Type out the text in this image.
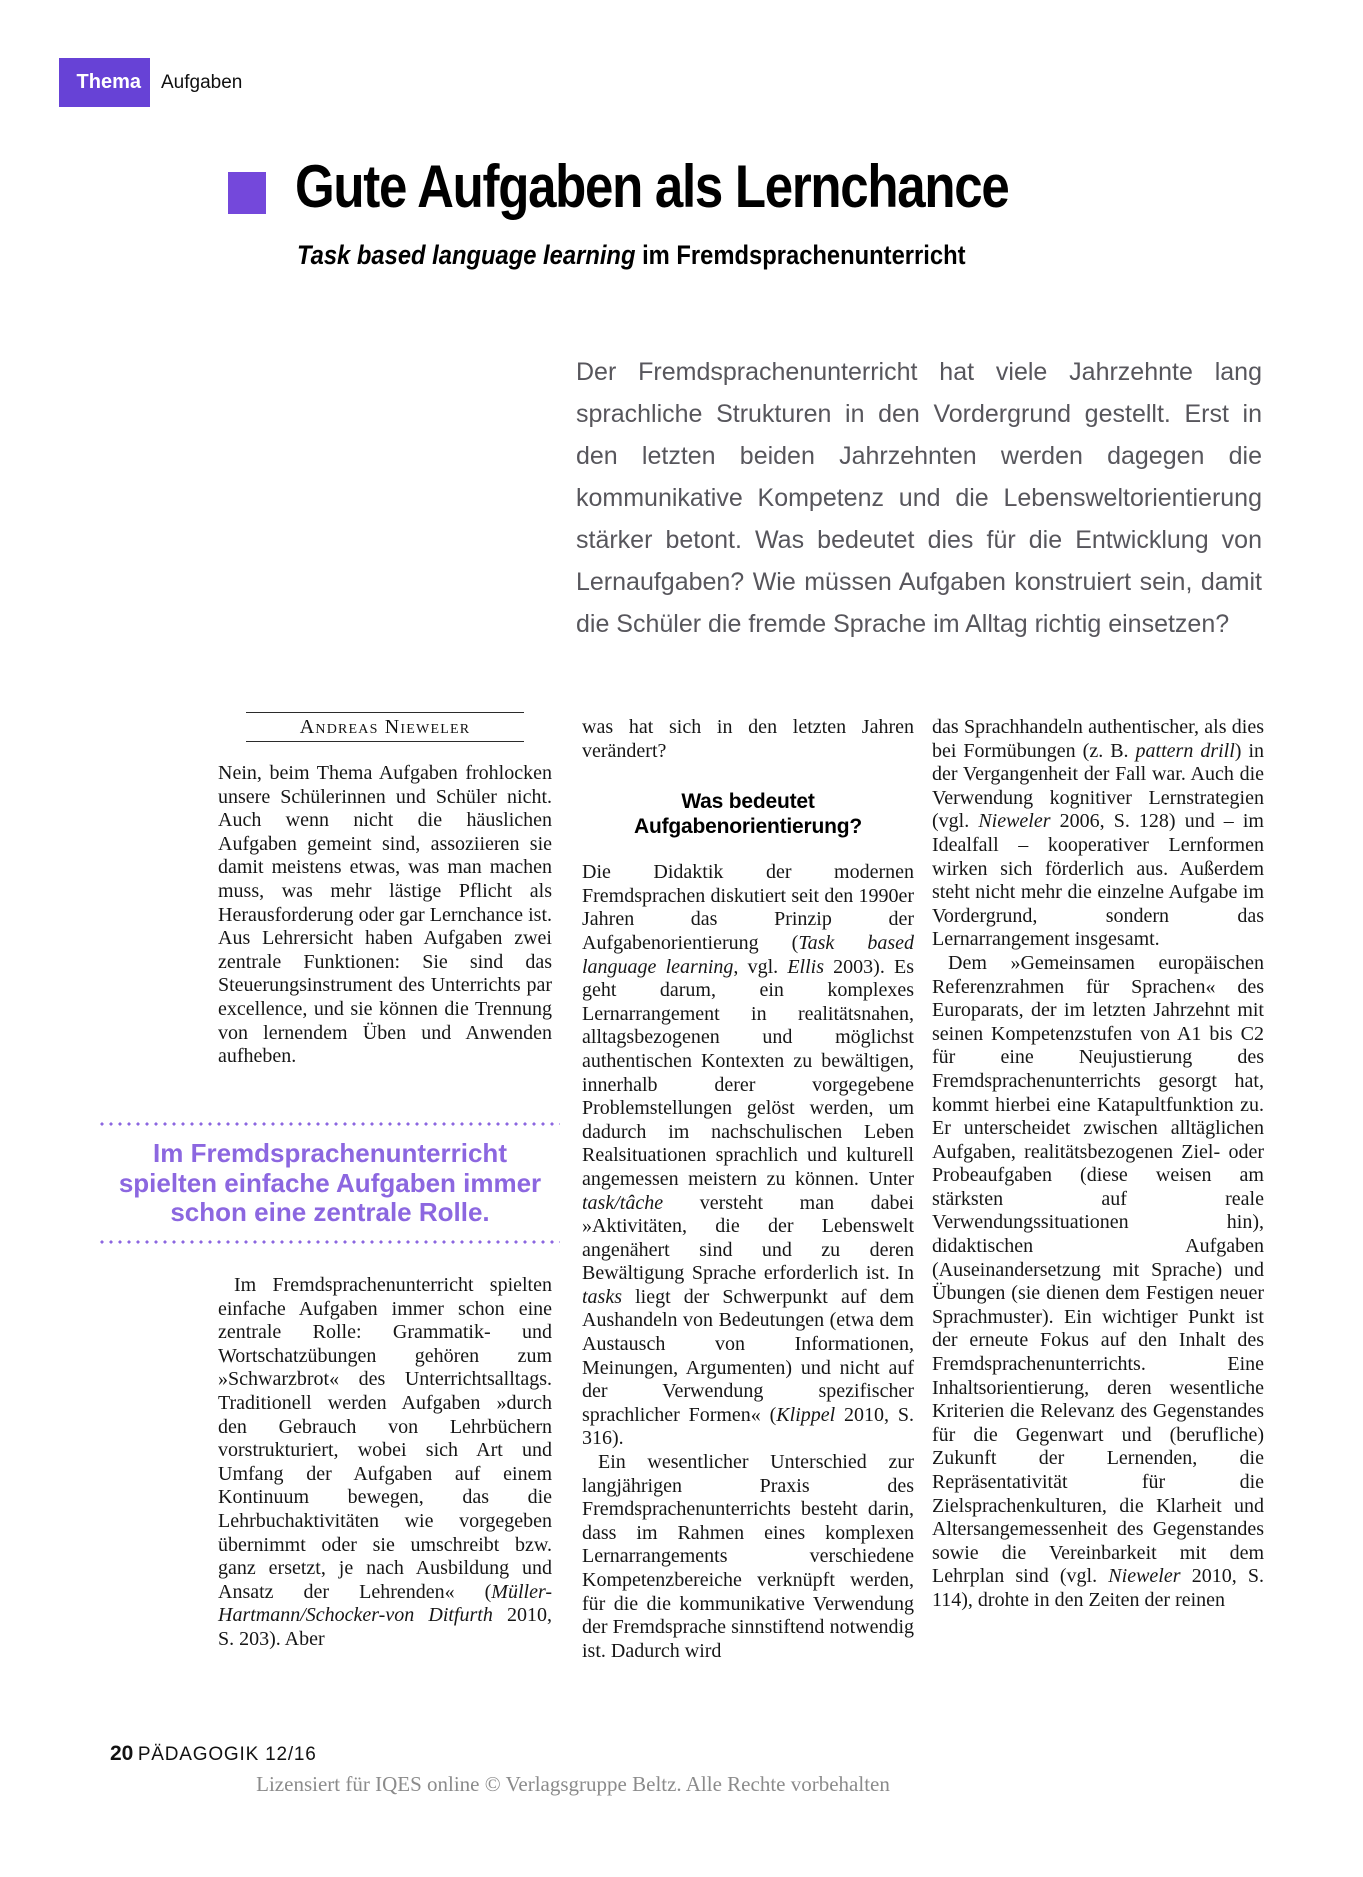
Thema	Aufgaben
Gute Aufgaben als Lernchance
Task based language learning im Fremdsprachenunterricht

Der Fremdsprachenunterricht hat viele Jahrzehnte lang sprachliche Strukturen in den Vordergrund gestellt. Erst in den letzten beiden Jahrzehnten werden dagegen die kommunikative Kompetenz und die Lebensweltorientierung stärker betont. Was bedeutet dies für die Entwicklung von Lernaufgaben? Wie müssen Aufgaben konstruiert sein, damit die Schüler die fremde Sprache im Alltag richtig einsetzen?

Andreas Nieweler

Nein, beim Thema Aufgaben frohlocken unsere Schülerinnen und Schüler nicht. Auch wenn nicht die häuslichen Aufgaben gemeint sind, assoziieren sie damit meistens etwas, was man machen muss, was mehr lästige Pflicht als Herausforderung oder gar Lernchance ist. Aus Lehrersicht haben Aufgaben zwei zentrale Funktionen: Sie sind das Steuerungsinstrument des Unterrichts par excellence, und sie können die Trennung von lernendem Üben und Anwenden aufheben.

Im Fremdsprachenunterricht
spielten einfache Aufgaben immer
schon eine zentrale Rolle.

Im Fremdsprachenunterricht spielten einfache Aufgaben immer schon eine zentrale Rolle: Grammatik- und Wortschatzübungen gehören zum »Schwarzbrot« des Unterrichtsalltags. Traditionell werden Aufgaben »durch den Gebrauch von Lehrbüchern vorstrukturiert, wobei sich Art und Umfang der Aufgaben auf einem Kontinuum bewegen, das die Lehrbuchaktivitäten wie vorgegeben übernimmt oder sie umschreibt bzw. ganz ersetzt, je nach Ausbildung und Ansatz der Lehrenden« (Müller-Hartmann/Schocker-von Ditfurth 2010, S. 203). Aber

was hat sich in den letzten Jahren verändert?

Was bedeutet Aufgabenorientierung?

Die Didaktik der modernen Fremdsprachen diskutiert seit den 1990er Jahren das Prinzip der Aufgabenorientierung (Task based language learning, vgl. Ellis 2003). Es geht darum, ein komplexes Lernarrangement in realitätsnahen, alltagsbezogenen und möglichst authentischen Kontexten zu bewältigen, innerhalb derer vorgegebene Problemstellungen gelöst werden, um dadurch im nachschulischen Leben Realsituationen sprachlich und kulturell angemessen meistern zu können. Unter task/tâche versteht man dabei »Aktivitäten, die der Lebenswelt angenähert sind und zu deren Bewältigung Sprache erforderlich ist. In tasks liegt der Schwerpunkt auf dem Aushandeln von Bedeutungen (etwa dem Austausch von Informationen, Meinungen, Argumenten) und nicht auf der Verwendung spezifischer sprachlicher Formen« (Klippel 2010, S. 316).

Ein wesentlicher Unterschied zur langjährigen Praxis des Fremdsprachenunterrichts besteht darin, dass im Rahmen eines komplexen Lernarrangements verschiedene Kompetenzbereiche verknüpft werden, für die die kommunikative Verwendung der Fremdsprache sinnstiftend notwendig ist. Dadurch wird

das Sprachhandeln authentischer, als dies bei Formübungen (z. B. pattern drill) in der Vergangenheit der Fall war. Auch die Verwendung kognitiver Lernstrategien (vgl. Nieweler 2006, S. 128) und – im Idealfall – kooperativer Lernformen wirken sich förderlich aus. Außerdem steht nicht mehr die einzelne Aufgabe im Vordergrund, sondern das Lernarrangement insgesamt.

Dem »Gemeinsamen europäischen Referenzrahmen für Sprachen« des Europarats, der im letzten Jahrzehnt mit seinen Kompetenzstufen von A1 bis C2 für eine Neujustierung des Fremdsprachenunterrichts gesorgt hat, kommt hierbei eine Katapultfunktion zu. Er unterscheidet zwischen alltäglichen Aufgaben, realitätsbezogenen Ziel- oder Probeaufgaben (diese weisen am stärksten auf reale Verwendungssituationen hin), didaktischen Aufgaben (Auseinandersetzung mit Sprache) und Übungen (sie dienen dem Festigen neuer Sprachmuster). Ein wichtiger Punkt ist der erneute Fokus auf den Inhalt des Fremdsprachenunterrichts. Eine Inhaltsorientierung, deren wesentliche Kriterien die Relevanz des Gegenstandes für die Gegenwart und (berufliche) Zukunft der Lernenden, die Repräsentativität für die Zielsprachenkulturen, die Klarheit und Altersangemessenheit des Gegenstandes sowie die Vereinbarkeit mit dem Lehrplan sind (vgl. Nieweler 2010, S. 114), drohte in den Zeiten der reinen

20 PÄDAGOGIK 12/16
Lizensiert für IQES online © Verlagsgruppe Beltz. Alle Rechte vorbehalten
